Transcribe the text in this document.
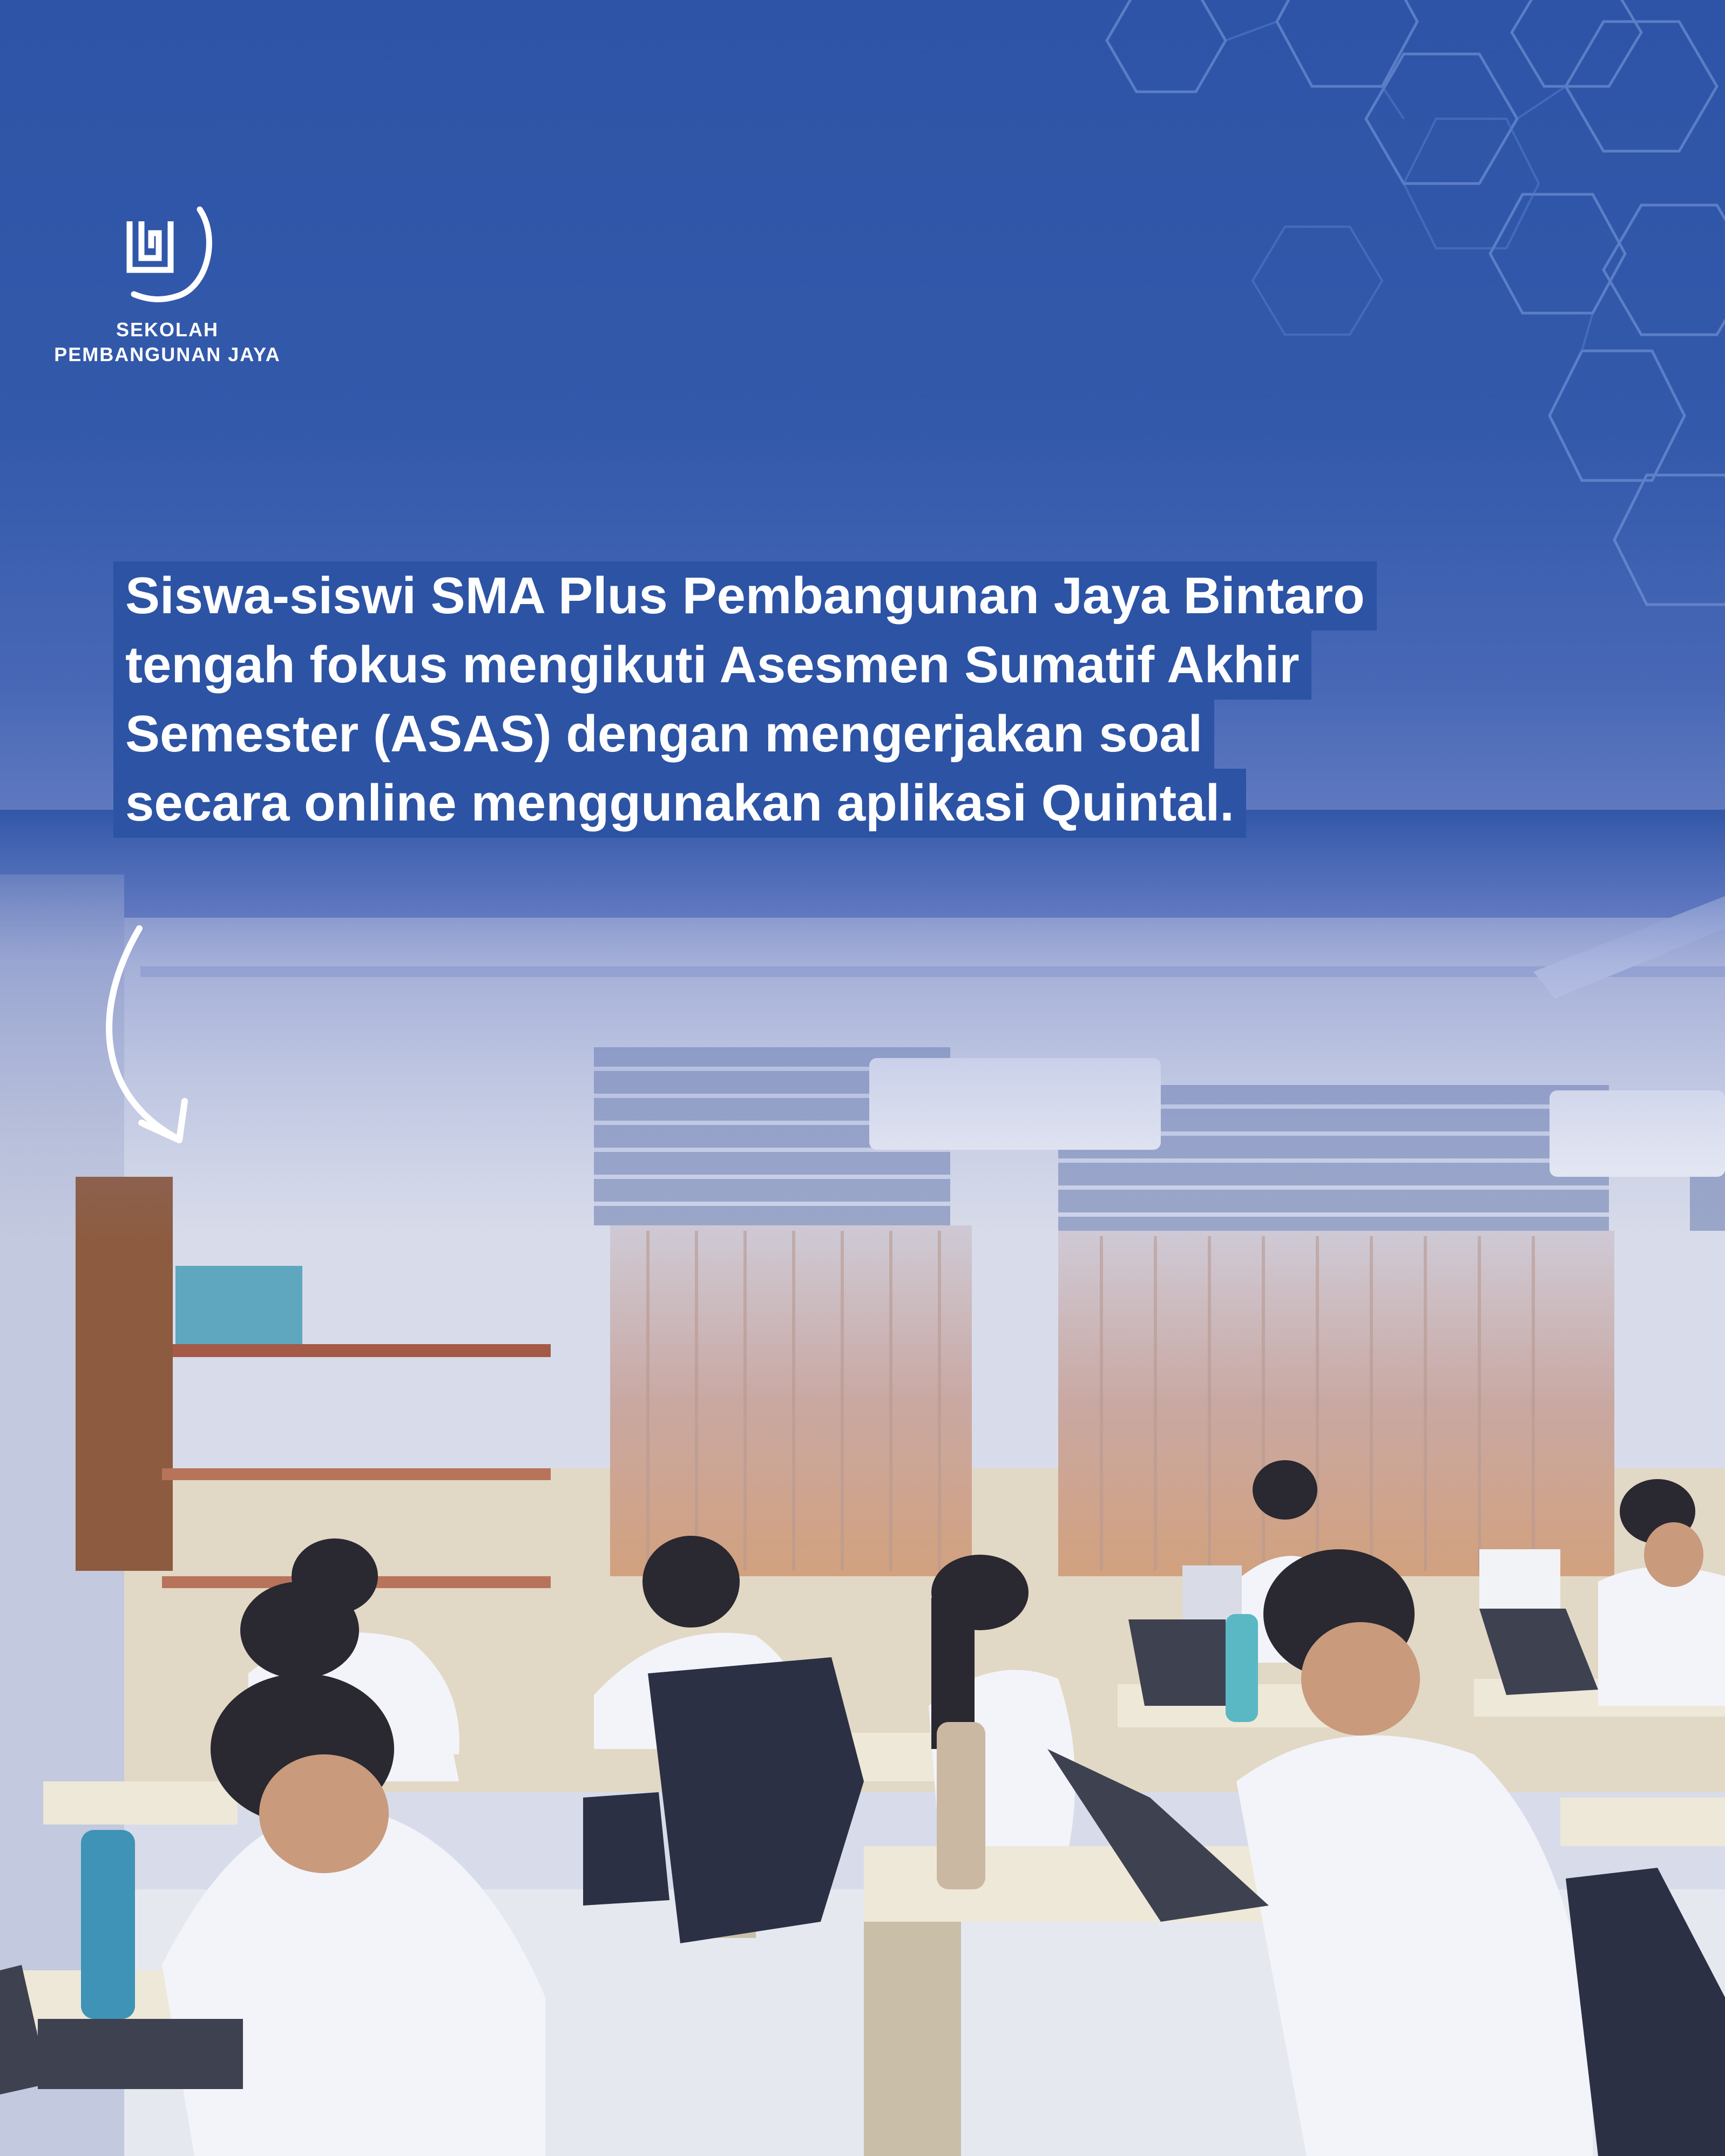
SEKOLAH
PEMBANGUNAN JAYA
Siswa-siswi SMA Plus Pembangunan Jaya Bintaro
tengah fokus mengikuti Asesmen Sumatif Akhir
Semester (ASAS) dengan mengerjakan soal
secara online menggunakan aplikasi Quintal.
